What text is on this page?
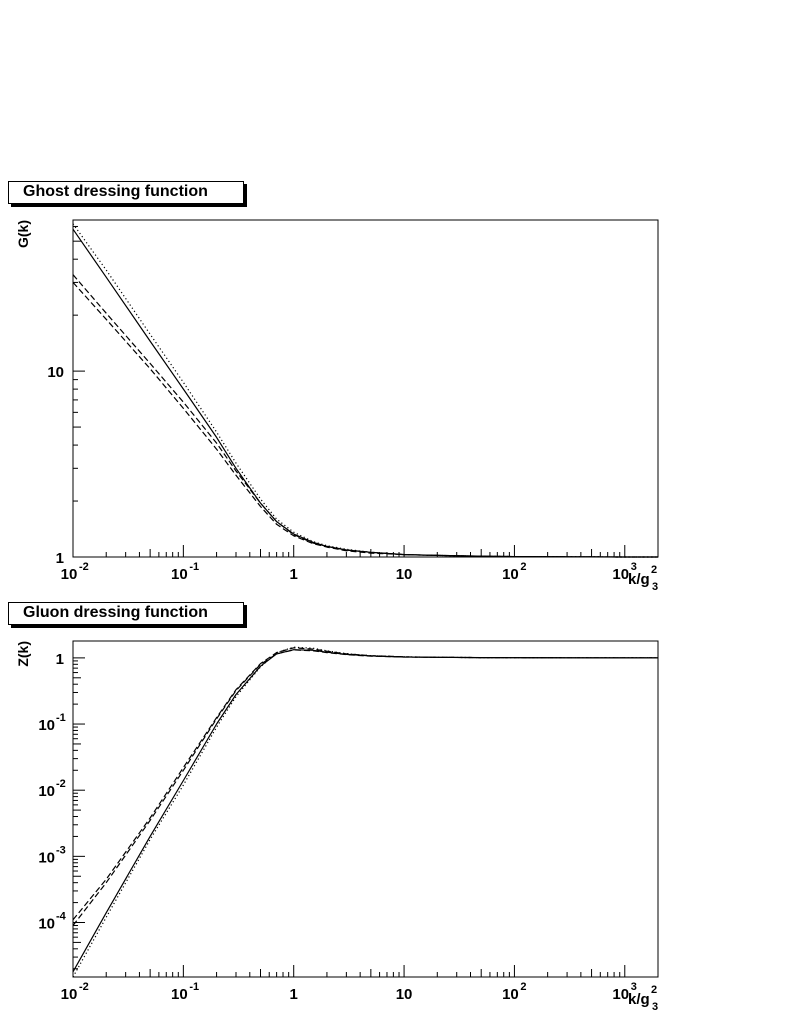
Ghost dressing function
Gluon dressing function
10 -2	10 -1	1	10	10 2	10 3
1
10
G(k)
k/g
2
3
10 -2	10 -1	1	10	10 2	10 3
10 -4
10 -3
10 -2
10 -1
1
Z(k)
k/g
2
3
